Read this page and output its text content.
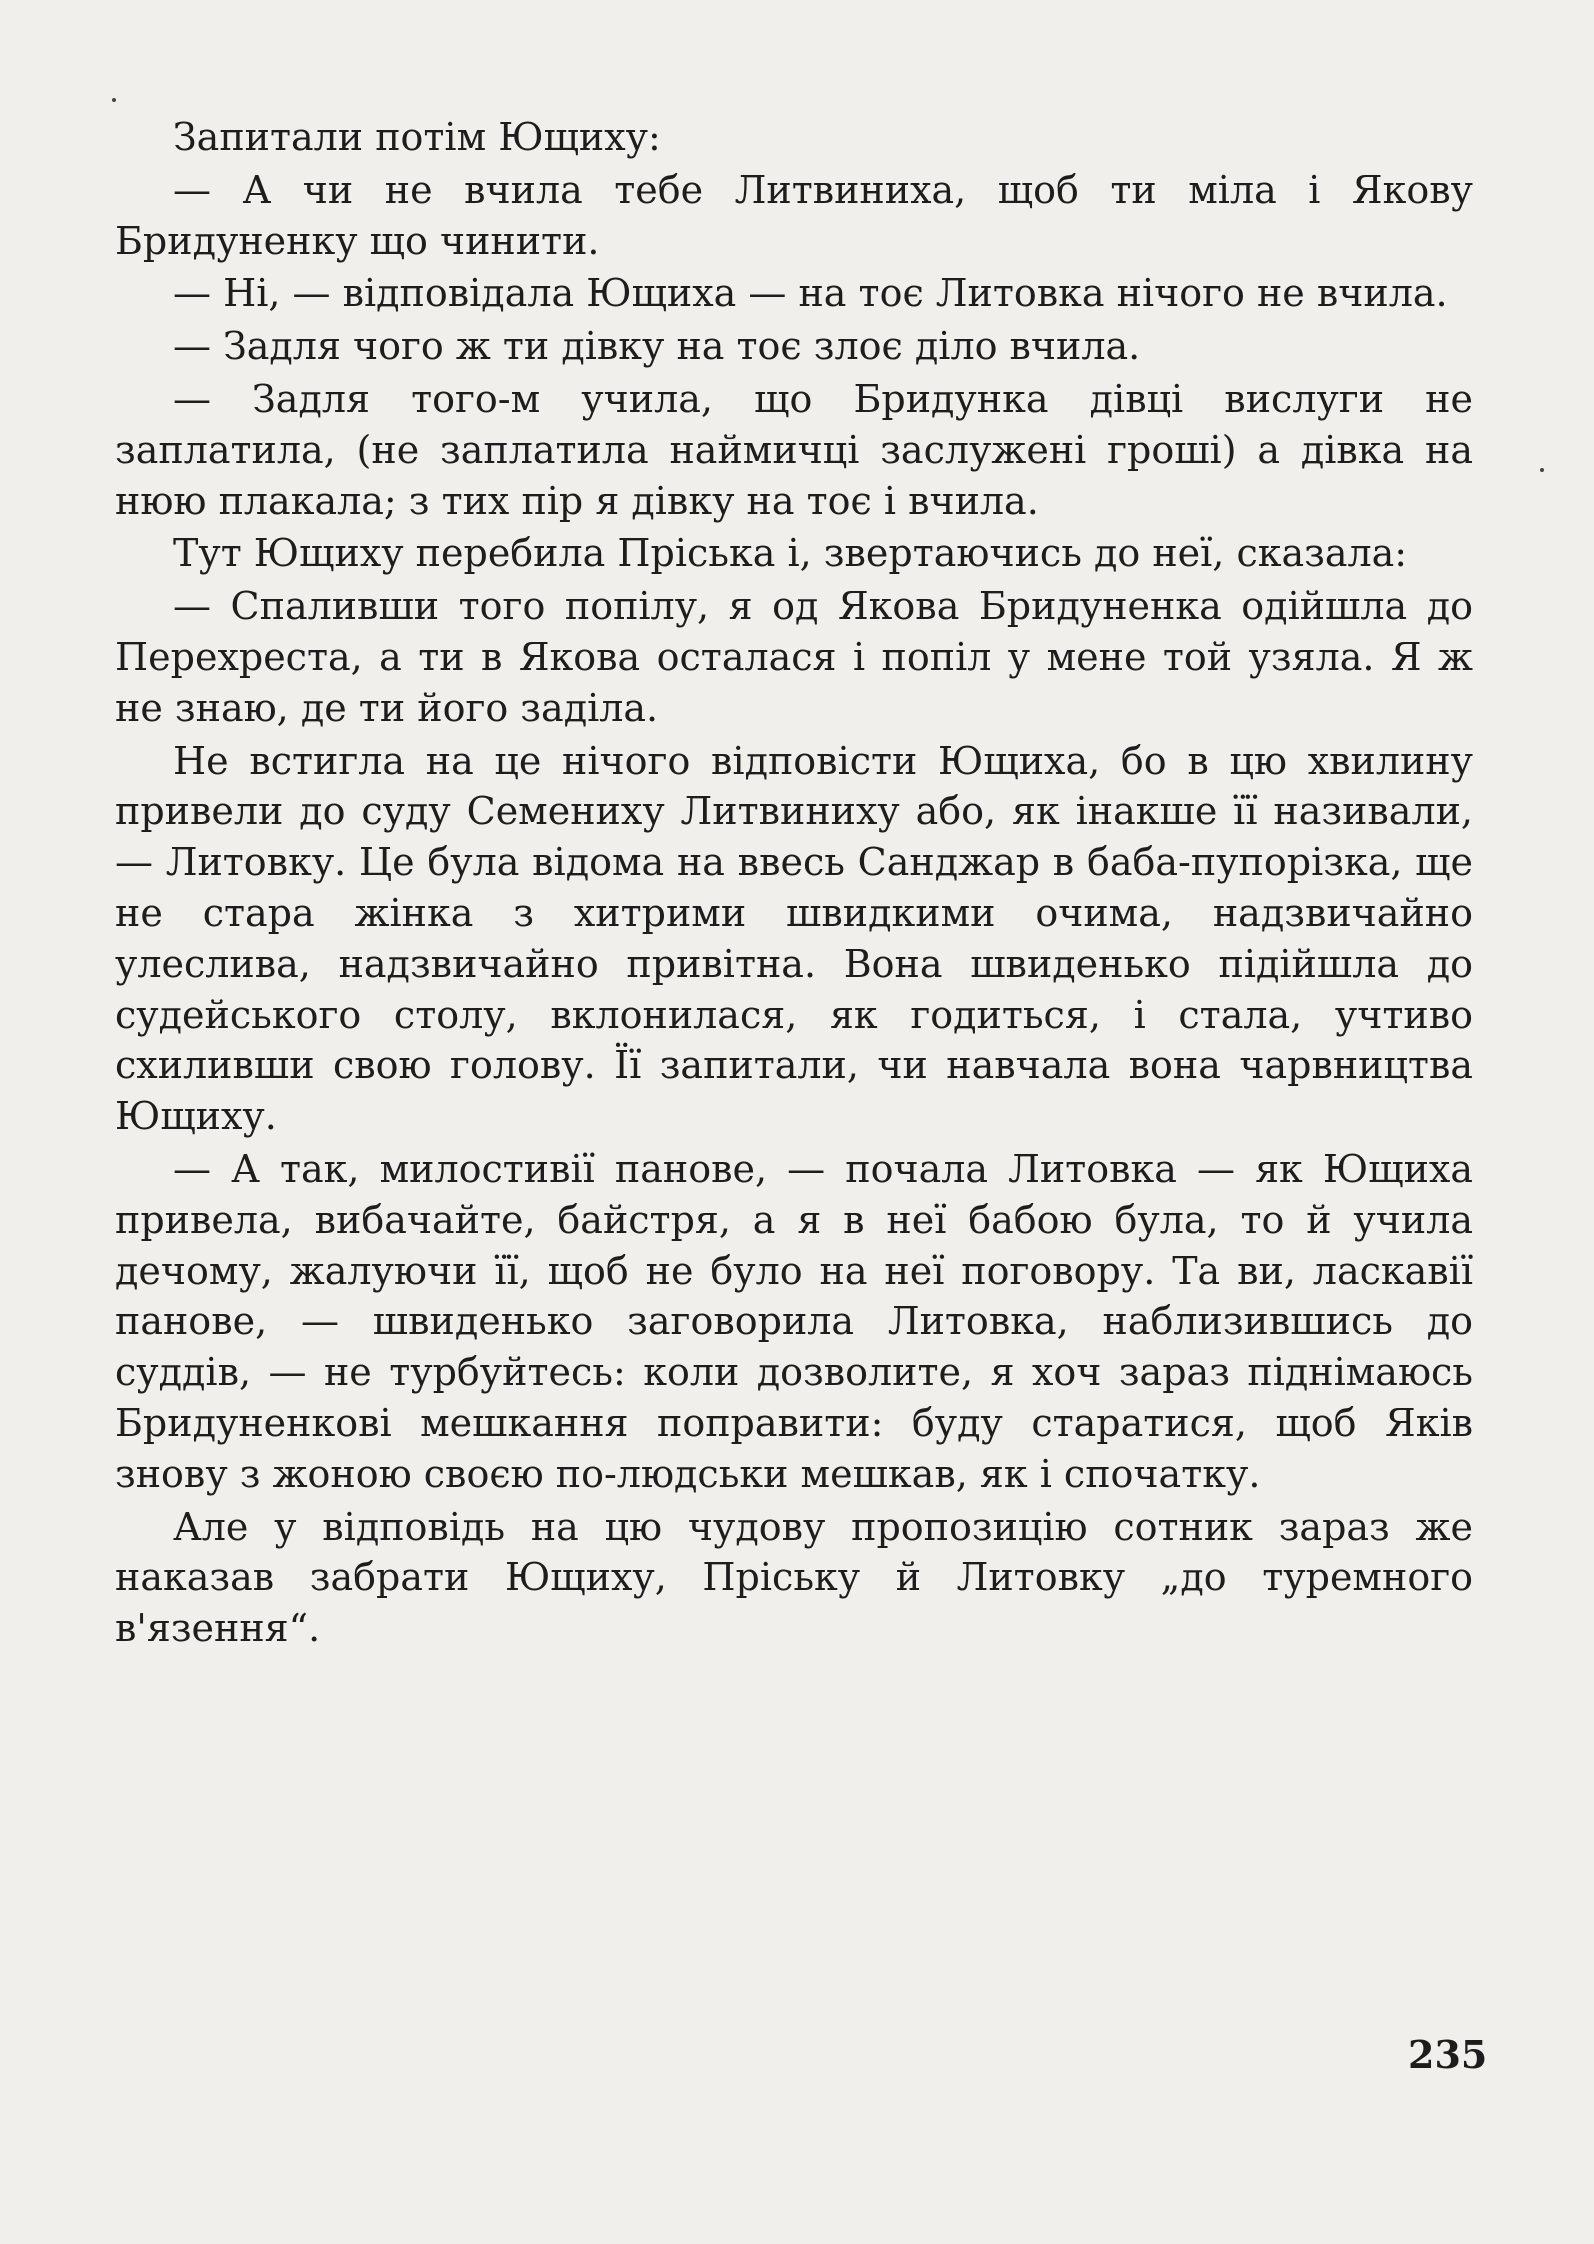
Запитали потім Ющиху:

— А чи не вчила тебе Литвиниха, щоб ти міла і Якову Бридуненку що чинити.

— Ні, — відповідала Ющиха — на тоє Литовка нічого не вчила.

— Задля чого ж ти дівку на тоє злоє діло вчила.

— Задля того-м учила, що Бридунка дівці вислуги не заплатила, (не заплатила наймичці заслужені гроші) а дівка на нюю плакала; з тих пір я дівку на тоє і вчила.

Тут Ющиху перебила Пріська і, звертаючись до неї, сказала:

— Спаливши того попілу, я од Якова Бридуненка одійшла до Перехреста, а ти в Якова осталася і попіл у мене той узяла. Я ж не знаю, де ти його заділа.

Не встигла на це нічого відповісти Ющиха, бо в цю хвилину привели до суду Семениху Литвиниху або, як інакше її називали, — Литовку. Це була відома на ввесь Санджар в баба-пупорізка, ще не стара жінка з хитрими швидкими очима, надзвичайно улеслива, надзвичайно привітна. Вона швиденько підійшла до судейського столу, вклонилася, як годиться, і стала, учтиво схиливши свою голову. Її запитали, чи навчала вона чарвництва Ющиху.

— А так, милостивії панове, — почала Литовка — як Ющиха привела, вибачайте, байстря, а я в неї бабою була, то й учила дечому, жалуючи її, щоб не було на неї поговору. Та ви, ласкавії панове, — швиденько заговорила Литовка, наблизившись до суддів, — не турбуйтесь: коли дозволите, я хоч зараз піднімаюсь Бридуненкові мешкання поправити: буду старатися, щоб Яків знову з жоною своєю по-людськи мешкав, як і спочатку.

Але у відповідь на цю чудову пропозицію сотник зараз же наказав забрати Ющиху, Пріську й Литовку „до туремного в'язення“.

235
